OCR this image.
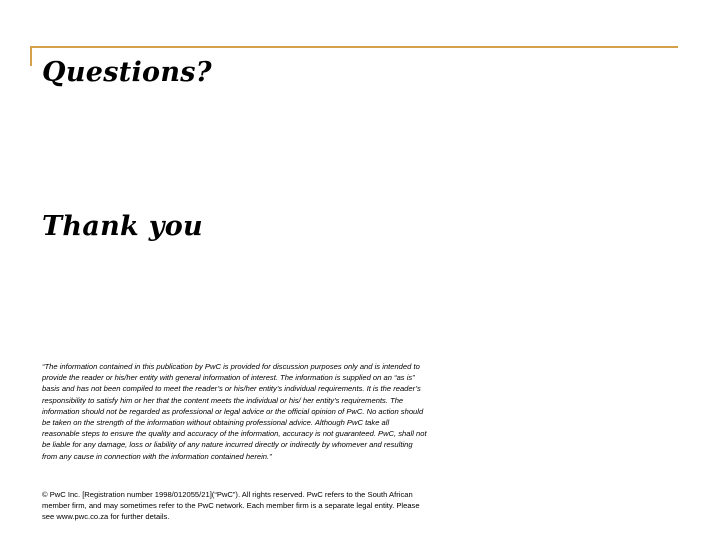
Questions?
Thank you

“The information contained in this publication by PwC is provided for discussion purposes only and is intended to provide the reader or his/her entity with general information of interest. The information is supplied on an “as is” basis and has not been compiled to meet the reader’s or his/her entity’s individual requirements. It is the reader’s responsibility to satisfy him or her that the content meets the individual or his/ her entity’s requirements. The information should not be regarded as professional or legal advice or the official opinion of PwC. No action should be taken on the strength of the information without obtaining professional advice. Although PwC take all reasonable steps to ensure the quality and accuracy of the information, accuracy is not guaranteed. PwC, shall not be liable for any damage, loss or liability of any nature incurred directly or indirectly by whomever and resulting from any cause in connection with the information contained herein.”

© PwC Inc. [Registration number 1998/012055/21](“PwC”). All rights reserved. PwC refers to the South African member firm, and may sometimes refer to the PwC network. Each member firm is a separate legal entity. Please see www.pwc.co.za for further details.
